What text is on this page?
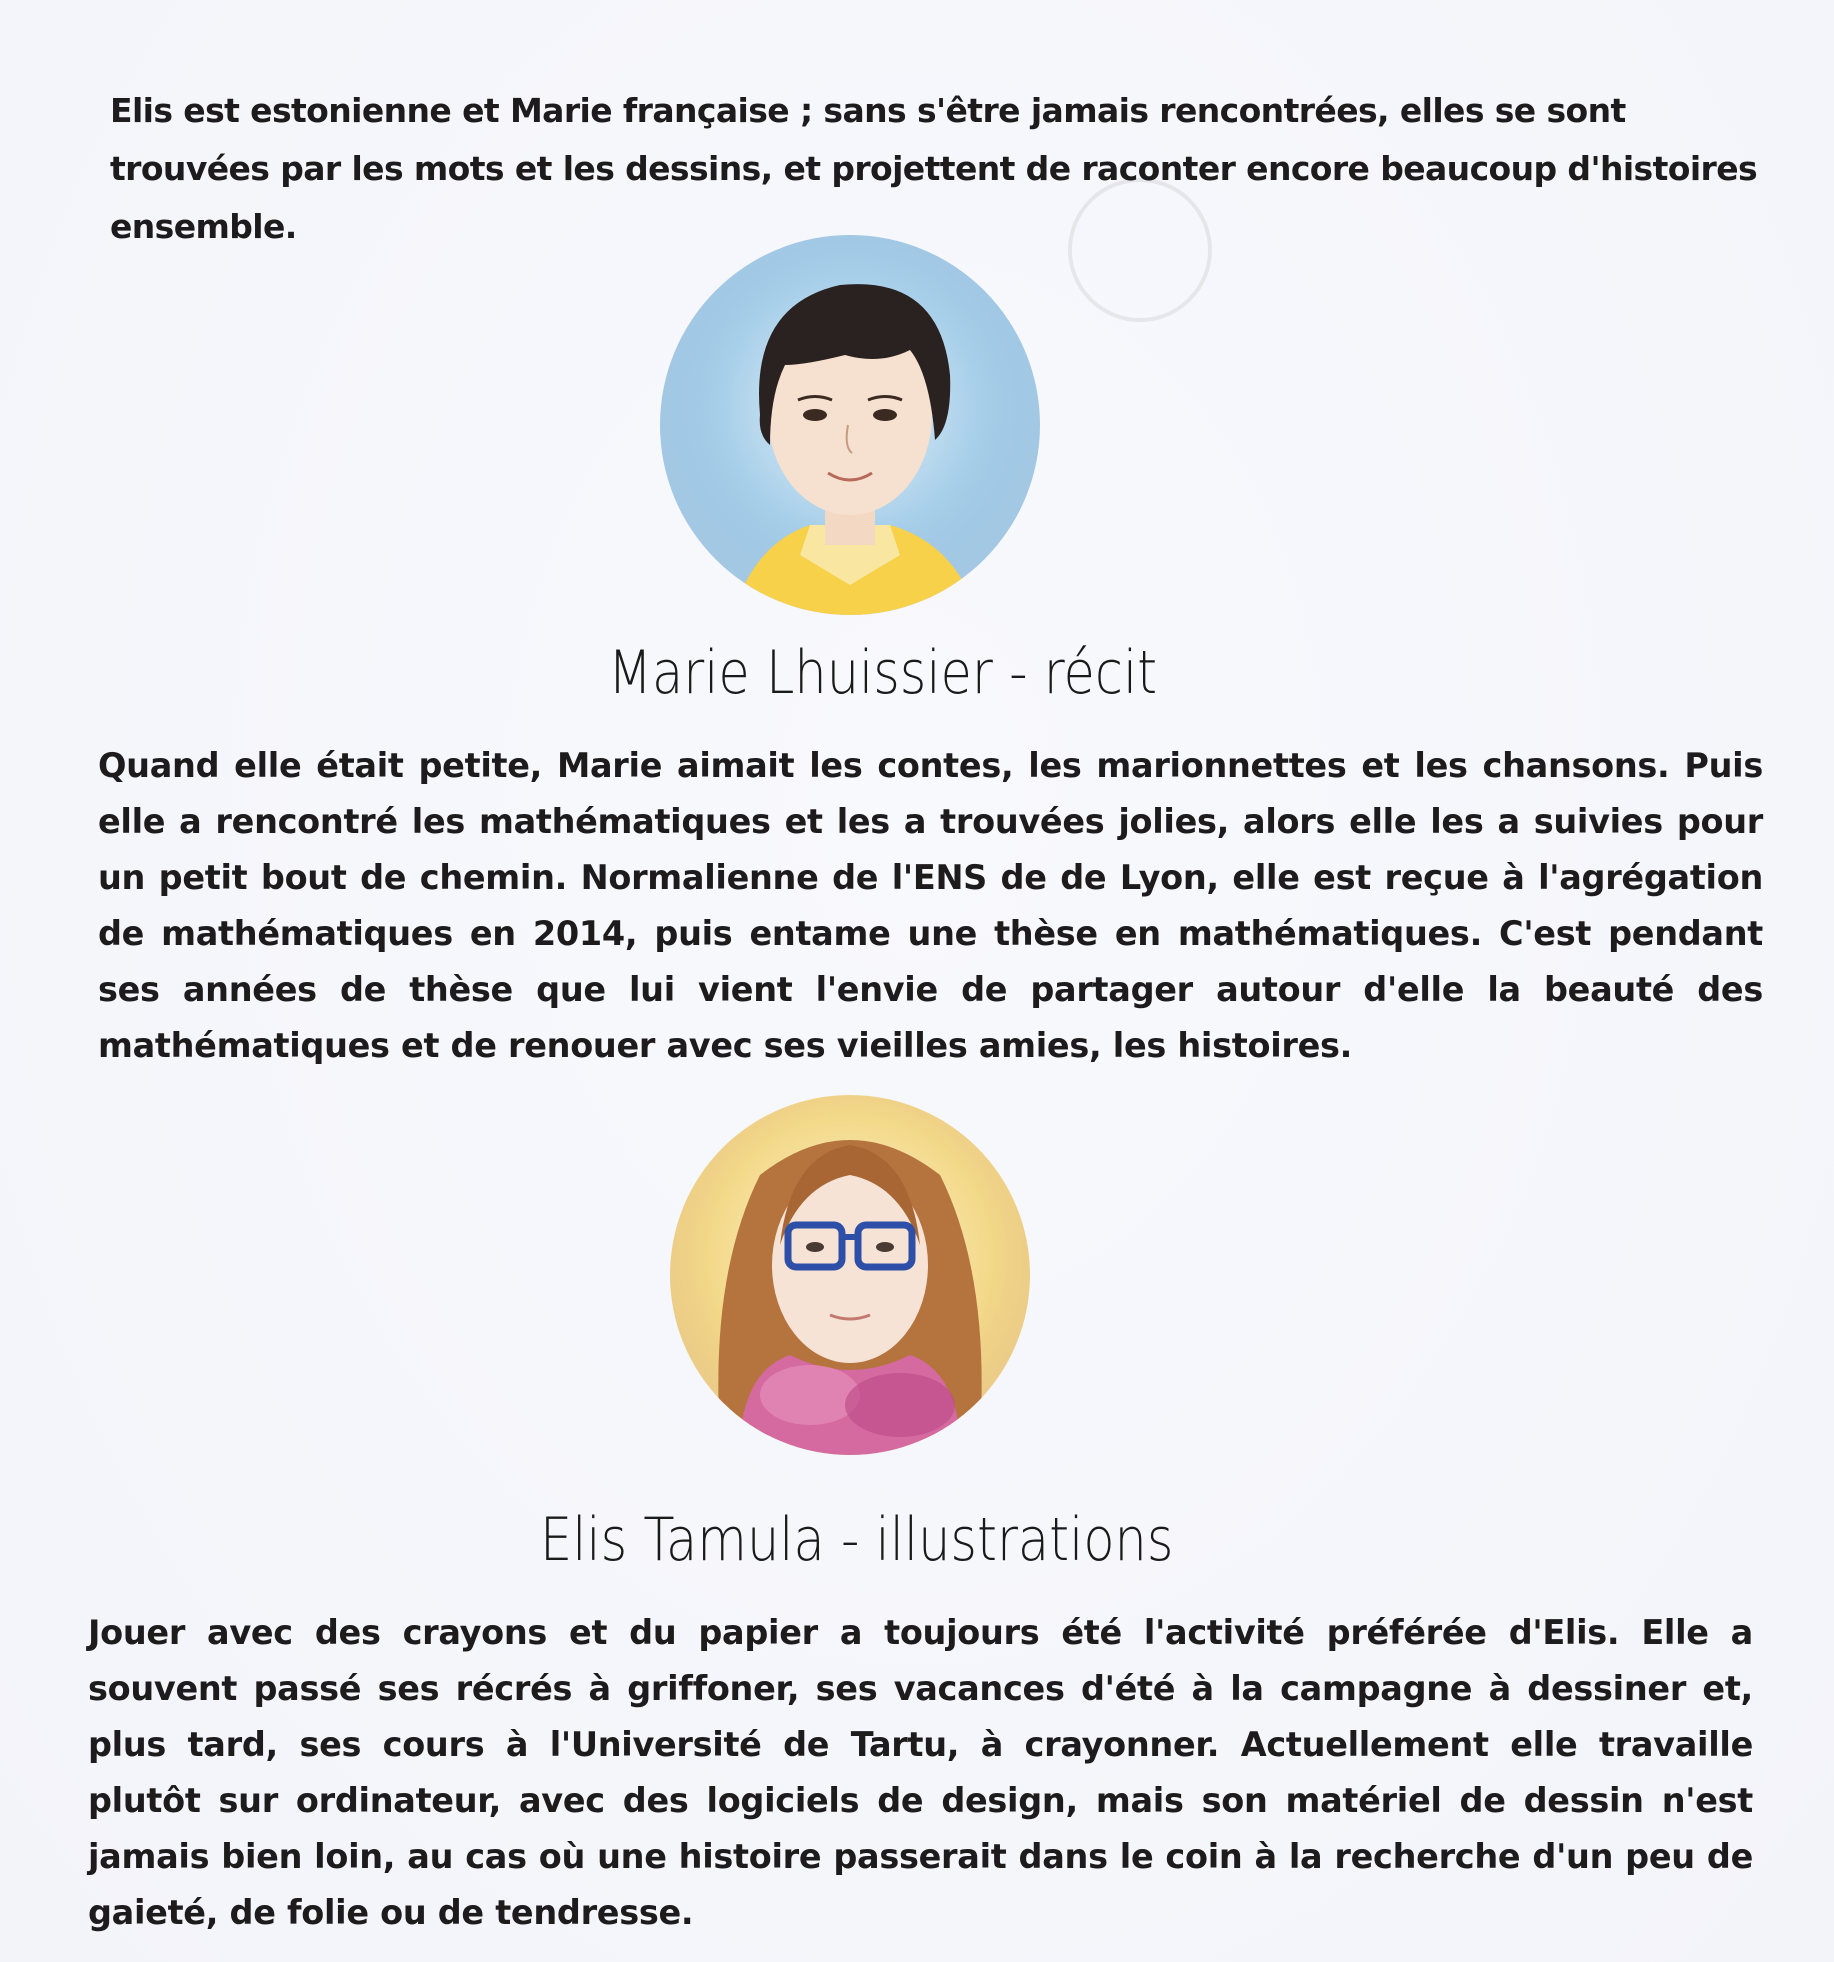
Elis est estonienne et Marie française ; sans s'être jamais rencontrées, elles se sont trouvées par les mots et les dessins, et projettent de raconter encore beaucoup d'histoires ensemble.

Marie Lhuissier - récit

Quand elle était petite, Marie aimait les contes, les marionnettes et les chansons. Puis elle a rencontré les mathématiques et les a trouvées jolies, alors elle les a suivies pour un petit bout de chemin. Normalienne de l'ENS de de Lyon, elle est reçue à l'agrégation de mathématiques en 2014, puis entame une thèse en mathématiques. C'est pendant ses années de thèse que lui vient l'envie de partager autour d'elle la beauté des mathématiques et de renouer avec ses vieilles amies, les histoires.

Elis Tamula - illustrations

Jouer avec des crayons et du papier a toujours été l'activité préférée d'Elis. Elle a souvent passé ses récrés à griffoner, ses vacances d'été à la campagne à dessiner et, plus tard, ses cours à l'Université de Tartu, à crayonner. Actuellement elle travaille plutôt sur ordinateur, avec des logiciels de design, mais son matériel de dessin n'est jamais bien loin, au cas où une histoire passerait dans le coin à la recherche d'un peu de gaieté, de folie ou de tendresse.
